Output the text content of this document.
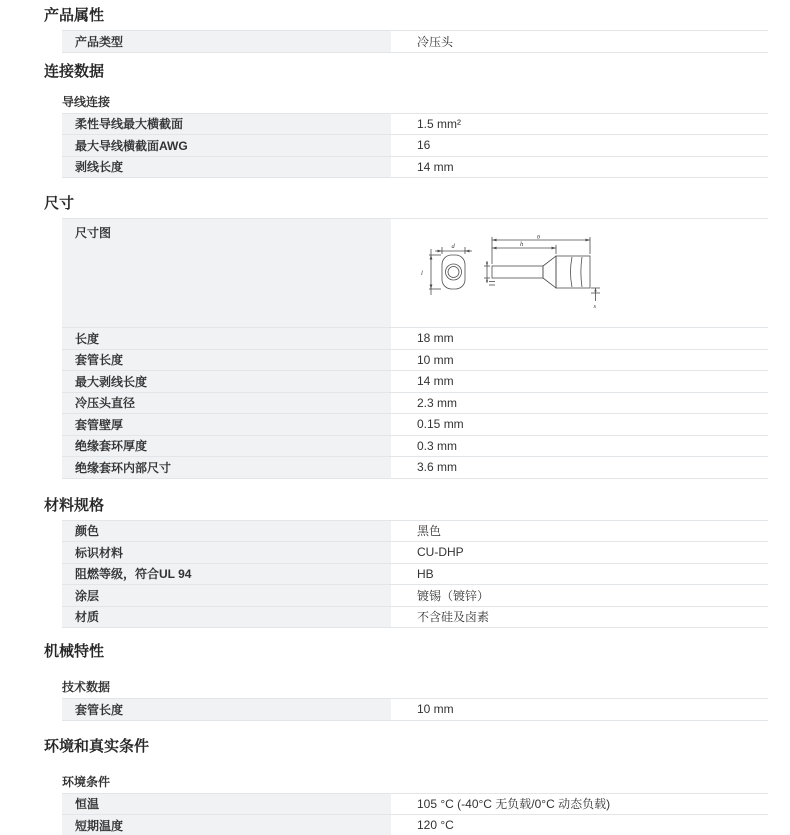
产品属性
产品类型	冷压头
连接数据
导线连接
柔性导线最大横截面	1.5 mm²
最大导线横截面AWG	16
剥线长度	14 mm
尺寸
尺寸图
d
l
b
h
s
长度	18 mm
套管长度	10 mm
最大剥线长度	14 mm
冷压头直径	2.3 mm
套管壁厚	0.15 mm
绝缘套环厚度	0.3 mm
绝缘套环内部尺寸	3.6 mm
材料规格
颜色	黑色
标识材料	CU-DHP
阻燃等级，符合UL 94	HB
涂层	镀锡（镀锌）
材质	不含硅及卤素
机械特性
技术数据
套管长度	10 mm
环境和真实条件
环境条件
恒温	105 °C (-40°C 无负载/0°C 动态负载)
短期温度	120 °C
